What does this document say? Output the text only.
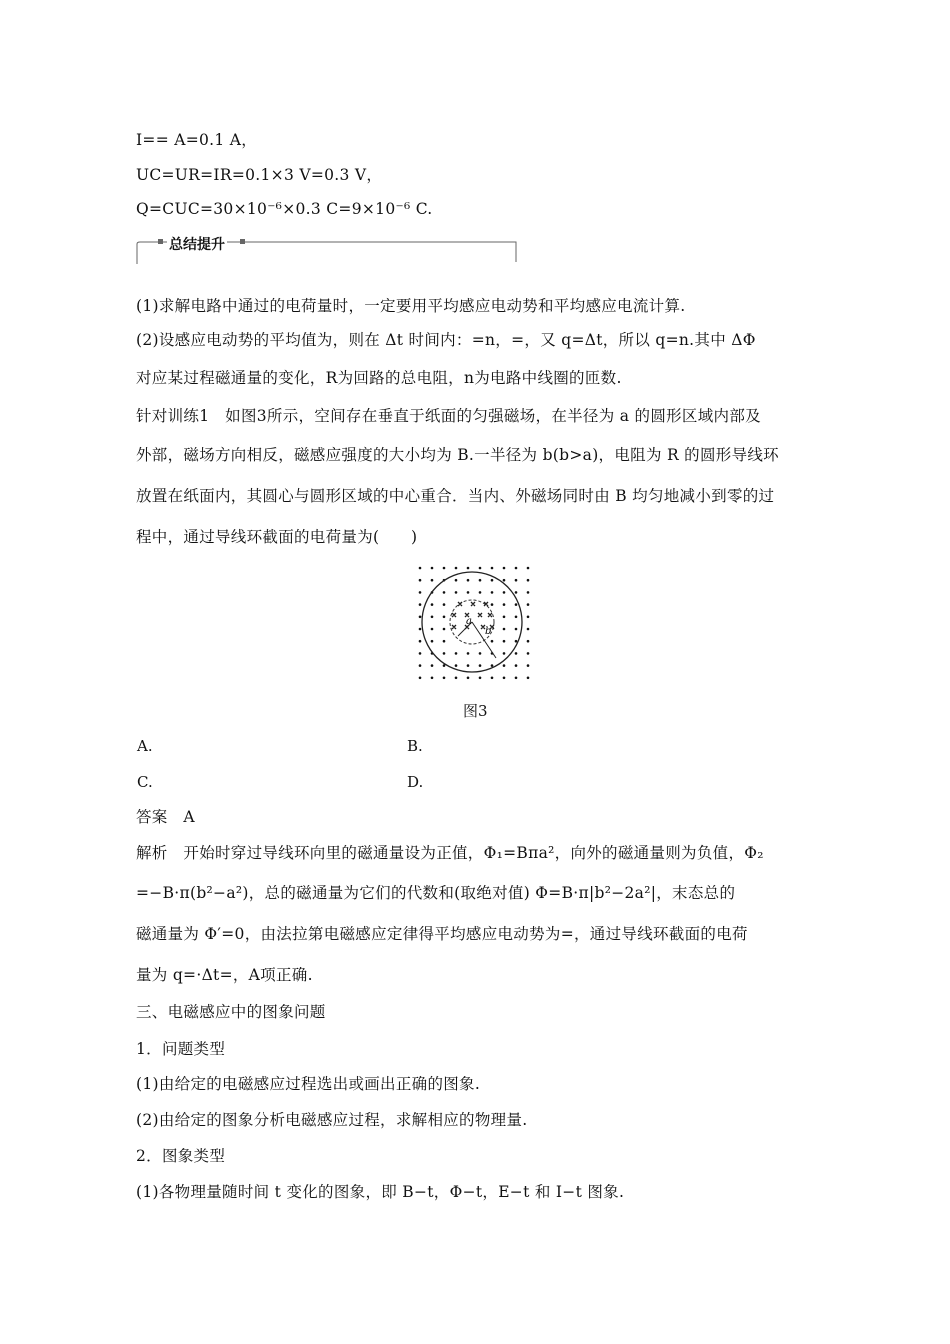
I== A=0.1 A，
UC=UR=IR=0.1×3 V=0.3 V，
Q=CUC=30×10⁻⁶×0.3 C=9×10⁻⁶ C.
总结提升
(1)求解电路中通过的电荷量时，一定要用平均感应电动势和平均感应电流计算.
(2)设感应电动势的平均值为，则在 Δt 时间内：=n，=，又 q=Δt，所以 q=n.其中 ΔΦ
对应某过程磁通量的变化，R为回路的总电阻，n为电路中线圈的匝数.
针对训练1　如图3所示，空间存在垂直于纸面的匀强磁场，在半径为 a 的圆形区域内部及
外部，磁场方向相反，磁感应强度的大小均为 B.一半径为 b(b>a)，电阻为 R 的圆形导线环
放置在纸面内，其圆心与圆形区域的中心重合．当内、外磁场同时由 B 均匀地减小到零的过
程中，通过导线环截面的电荷量为(　　)
a
b
图3
A.	B.
C.	D.
答案　A
解析　开始时穿过导线环向里的磁通量设为正值，Φ₁=Bπa²，向外的磁通量则为负值，Φ₂
=−B·π(b²−a²)，总的磁通量为它们的代数和(取绝对值) Φ=B·π|b²−2a²|，末态总的
磁通量为 Φ′=0，由法拉第电磁感应定律得平均感应电动势为=，通过导线环截面的电荷
量为 q=·Δt=，A项正确.
三、电磁感应中的图象问题
1．问题类型
(1)由给定的电磁感应过程选出或画出正确的图象.
(2)由给定的图象分析电磁感应过程，求解相应的物理量.
2．图象类型
(1)各物理量随时间 t 变化的图象，即 B−t，Φ−t，E−t 和 I−t 图象.
